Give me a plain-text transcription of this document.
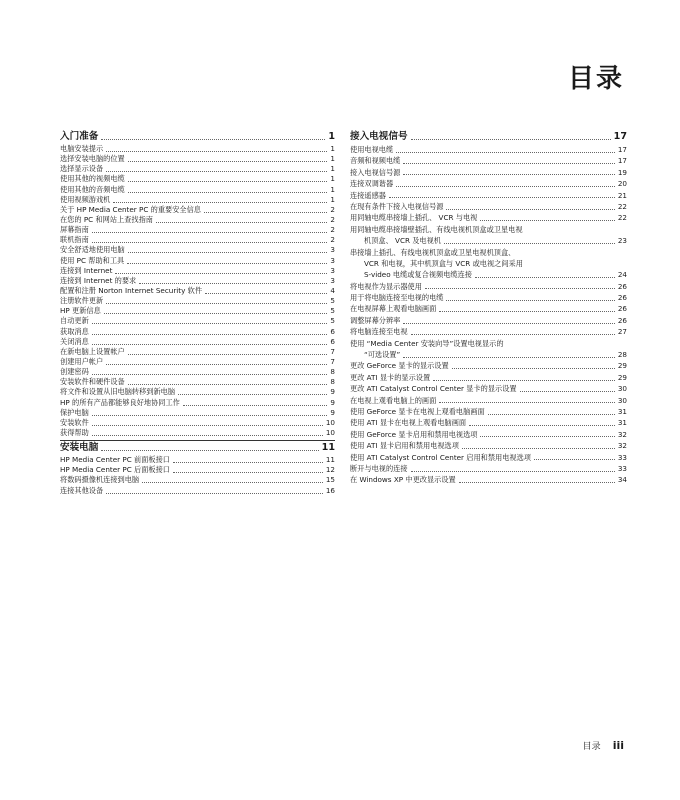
目录
入门准备	1
电脑安装提示	1
选择安装电脑的位置	1
选择显示设备	1
使用其他的视频电缆	1
使用其他的音频电缆	1
使用视频游戏机	1
关于 HP Media Center PC 的重要安全信息	2
在您的 PC 和网站上查找指南	2
屏幕指南	2
联机指南	2
安全舒适地使用电脑	3
使用 PC 帮助和工具	3
连接到 Internet	3
连接到 Internet 的要求	3
配置和注册 Norton Internet Security 软件	4
注册软件更新	5
HP 更新信息	5
自动更新	5
获取消息	6
关闭消息	6
在新电脑上设置帐户	7
创建用户帐户	7
创建密码	8
安装软件和硬件设备	8
将文件和设置从旧电脑转移到新电脑	9
HP 的所有产品都能够良好地协同工作	9
保护电脑	9
安装软件	10
获得帮助	10
安装电脑	11
HP Media Center PC 前面板接口	11
HP Media Center PC 后面板接口	12
将数码摄像机连接到电脑	15
连接其他设备	16
接入电视信号	17
使用电视电缆	17
音频和视频电缆	17
接入电视信号源	19
连接双调谐器	20
连接遥感器	21
在现有条件下接入电视信号源	22
用同轴电缆串接墙上插孔、 VCR 与电视	22
用同轴电缆串接墙壁插孔、有线电视机顶盒或卫星电视
机顶盒、 VCR 及电视机	23
串接墙上插孔、有线电视机顶盒或卫星电视机顶盒、
VCR 和电视，其中机顶盒与 VCR 或电视之间采用
S-video 电缆或复合视频电缆连接	24
将电视作为显示器使用	26
用于将电脑连接至电视的电缆	26
在电视屏幕上观看电脑画面	26
调整屏幕分辨率	26
将电脑连接至电视	27
使用 “Media Center 安装向导”设置电视显示的
“可选设置”	28
更改 GeForce 显卡的显示设置	29
更改 ATI 显卡的显示设置	29
更改 ATI Catalyst Control Center 显卡的显示设置	30
在电视上观看电脑上的画面	30
使用 GeForce 显卡在电视上观看电脑画面	31
使用 ATI 显卡在电视上观看电脑画面	31
使用 GeForce 显卡启用和禁用电视选项	32
使用 ATI 显卡启用和禁用电视选项	32
使用 ATI Catalyst Control Center 启用和禁用电视选项	33
断开与电视的连接	33
在 Windows XP 中更改显示设置	34
目录 iii
